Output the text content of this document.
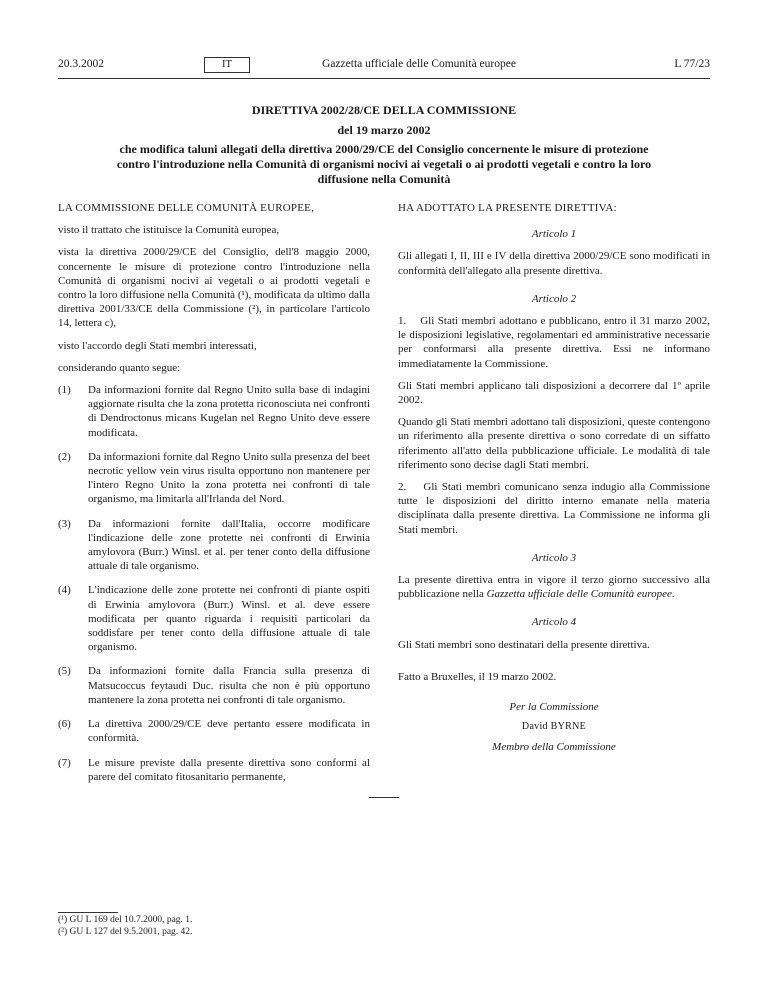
20.3.2002	IT	Gazzetta ufficiale delle Comunità europee	L 77/23
DIRETTIVA 2002/28/CE DELLA COMMISSIONE
del 19 marzo 2002
che modifica taluni allegati della direttiva 2000/29/CE del Consiglio concernente le misure di protezione contro l'introduzione nella Comunità di organismi nocivi ai vegetali o ai prodotti vegetali e contro la loro diffusione nella Comunità

LA COMMISSIONE DELLE COMUNITÀ EUROPEE,

visto il trattato che istituisce la Comunità europea,

vista la direttiva 2000/29/CE del Consiglio, dell'8 maggio 2000, concernente le misure di protezione contro l'introduzione nella Comunità di organismi nocivi ai vegetali o ai prodotti vegetali e contro la loro diffusione nella Comunità (¹), modificata da ultimo dalla direttiva 2001/33/CE della Commissione (²), in particolare l'articolo 14, lettera c),

visto l'accordo degli Stati membri interessati,

considerando quanto segue:

(1)	Da informazioni fornite dal Regno Unito sulla base di indagini aggiornate risulta che la zona protetta riconosciuta nei confronti di Dendroctonus micans Kugelan nel Regno Unito deve essere modificata.
(2)	Da informazioni fornite dal Regno Unito sulla presenza del beet necrotic yellow vein virus risulta opportuno non mantenere per l'intero Regno Unito la zona protetta nei confronti di tale organismo, ma limitarla all'Irlanda del Nord.
(3)	Da informazioni fornite dall'Italia, occorre modificare l'indicazione delle zone protette nei confronti di Erwinia amylovora (Burr.) Winsl. et al. per tener conto della diffusione attuale di tale organismo.
(4)	L'indicazione delle zone protette nei confronti di piante ospiti di Erwinia amylovora (Burr.) Winsl. et al. deve essere modificata per quanto riguarda i requisiti particolari da soddisfare per tener conto della diffusione attuale di tale organismo.
(5)	Da informazioni fornite dalla Francia sulla presenza di Matsucoccus feytaudi Duc. risulta che non è più opportuno mantenere la zona protetta nei confronti di tale organismo.
(6)	La direttiva 2000/29/CE deve pertanto essere modificata in conformità.
(7)	Le misure previste dalla presente direttiva sono conformi al parere del comitato fitosanitario permanente,

HA ADOTTATO LA PRESENTE DIRETTIVA:

Articolo 1

Gli allegati I, II, III e IV della direttiva 2000/29/CE sono modificati in conformità dell'allegato alla presente direttiva.

Articolo 2

1.    Gli Stati membri adottano e pubblicano, entro il 31 marzo 2002, le disposizioni legislative, regolamentari ed amministrative necessarie per conformarsi alla presente direttiva. Essi ne informano immediatamente la Commissione.

Gli Stati membri applicano tali disposizioni a decorrere dal 1º aprile 2002.

Quando gli Stati membri adottano tali disposizioni, queste contengono un riferimento alla presente direttiva o sono corredate di un siffatto riferimento all'atto della pubblicazione ufficiale. Le modalità di tale riferimento sono decise dagli Stati membri.

2.    Gli Stati membri comunicano senza indugio alla Commissione tutte le disposizioni del diritto interno emanate nella materia disciplinata dalla presente direttiva. La Commissione ne informa gli Stati membri.

Articolo 3

La presente direttiva entra in vigore il terzo giorno successivo alla pubblicazione nella Gazzetta ufficiale delle Comunità europee.

Articolo 4

Gli Stati membri sono destinatari della presente direttiva.

Fatto a Bruxelles, il 19 marzo 2002.

Per la Commissione
David BYRNE
Membro della Commissione
(¹) GU L 169 del 10.7.2000, pag. 1.
(²) GU L 127 del 9.5.2001, pag. 42.
